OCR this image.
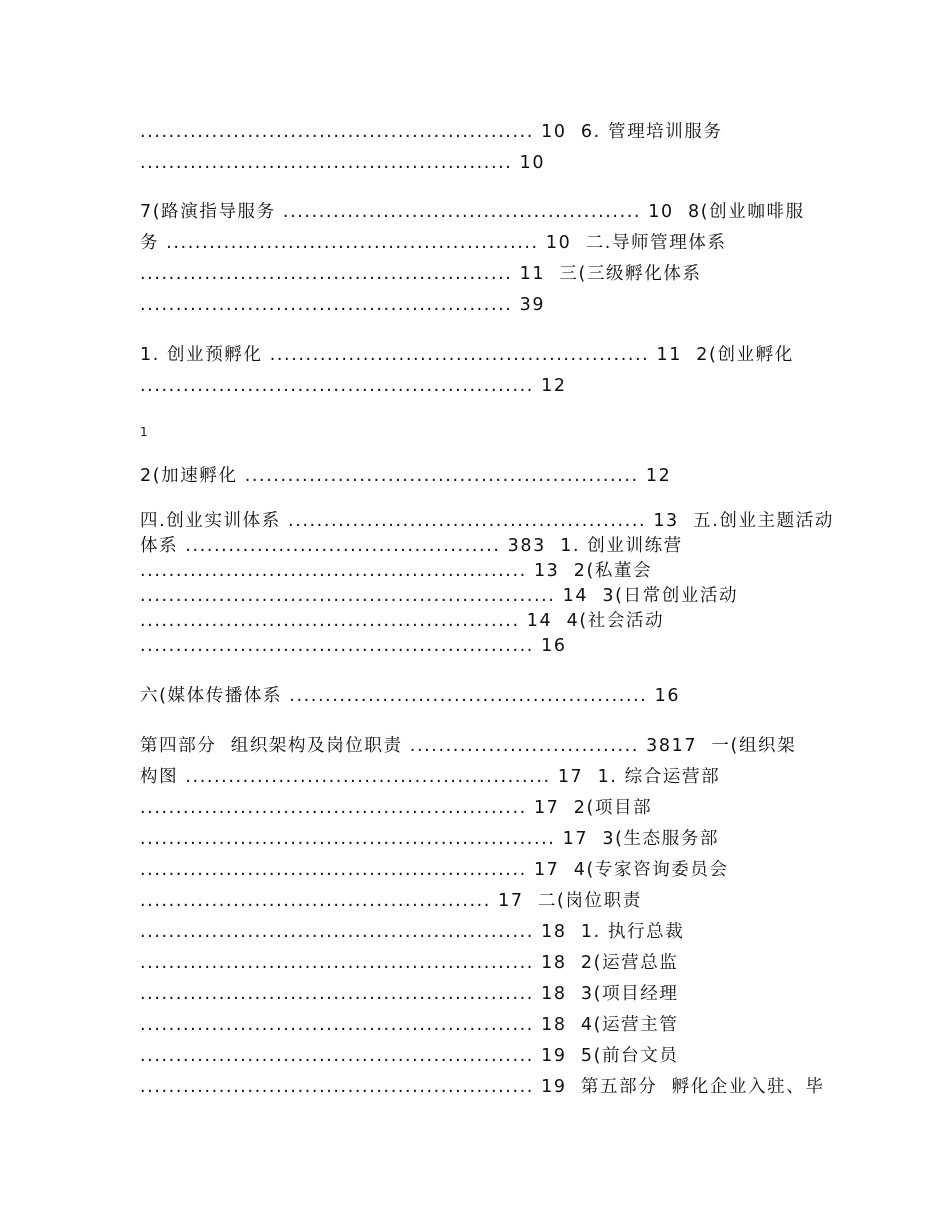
....................................................... 10  6. 管理培训服务
.................................................... 10
7(路演指导服务 .................................................. 10  8(创业咖啡服
务 .................................................... 10  二.导师管理体系
.................................................... 11  三(三级孵化体系
.................................................... 39
1. 创业预孵化 ..................................................... 11  2(创业孵化
....................................................... 12
1
2(加速孵化 ....................................................... 12
四.创业实训体系 .................................................. 13  五.创业主题活动
体系 ............................................ 383  1. 创业训练营
...................................................... 13  2(私董会
.......................................................... 14  3(日常创业活动
..................................................... 14  4(社会活动
....................................................... 16
六(媒体传播体系 .................................................. 16
第四部分  组织架构及岗位职责 ................................ 3817  一(组织架
构图 ................................................... 17  1. 综合运营部
...................................................... 17  2(项目部
.......................................................... 17  3(生态服务部
...................................................... 17  4(专家咨询委员会
................................................. 17  二(岗位职责
....................................................... 18  1. 执行总裁
....................................................... 18  2(运营总监
....................................................... 18  3(项目经理
....................................................... 18  4(运营主管
....................................................... 19  5(前台文员
....................................................... 19  第五部分  孵化企业入驻、毕
